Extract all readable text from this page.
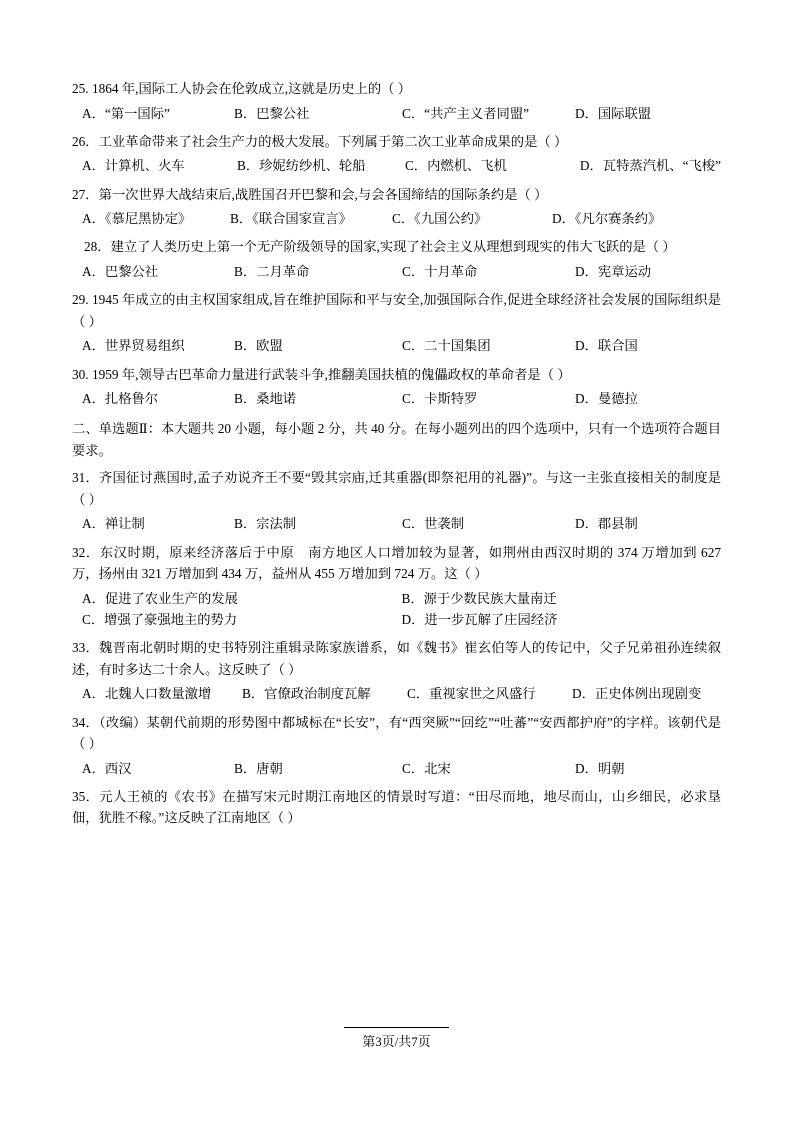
25. 1864 年,国际工人协会在伦敦成立,这就是历史上的（ ）
A．“第一国际”	B．巴黎公社	C．“共产主义者同盟”	D．国际联盟
26．工业革命带来了社会生产力的极大发展。下列属于第二次工业革命成果的是（ ）
A．计算机、火车	B．珍妮纺纱机、轮船	C．内燃机、飞机	D．瓦特蒸汽机、“飞梭”
27．第一次世界大战结束后,战胜国召开巴黎和会,与会各国缔结的国际条约是（ ）
A．《慕尼黑协定》	B．《联合国家宣言》	C．《九国公约》	D．《凡尔赛条约》
28．建立了人类历史上第一个无产阶级领导的国家,实现了社会主义从理想到现实的伟大飞跃的是（ ）
A．巴黎公社	B．二月革命	C．十月革命	D．宪章运动
29. 1945 年成立的由主权国家组成,旨在维护国际和平与安全,加强国际合作,促进全球经济社会发展的国际组织是（ ）
A．世界贸易组织	B．欧盟	C．二十国集团	D．联合国
30. 1959 年,领导古巴革命力量进行武装斗争,推翻美国扶植的傀儡政权的革命者是（ ）
A．扎格鲁尔	B．桑地诺	C．卡斯特罗	D．曼德拉
二、单选题Ⅱ：本大题共 20 小题，每小题 2 分，共 40 分。在每小题列出的四个选项中，只有一个选项符合题目要求。
31．齐国征讨燕国时,孟子劝说齐王不要“毁其宗庙,迁其重器(即祭祀用的礼器)”。与这一主张直接相关的制度是（ ）
A．禅让制	B．宗法制	C．世袭制	D．郡县制
32．东汉时期，原来经济落后于中原　南方地区人口增加较为显著，如荆州由西汉时期的 374 万增加到 627 万，扬州由 321 万增加到 434 万，益州从 455 万增加到 724 万。这（ ）
A．促进了农业生产的发展	B．源于少数民族大量南迁
C．增强了豪强地主的势力	D．进一步瓦解了庄园经济
33．魏晋南北朝时期的史书特别注重辑录陈家族谱系，如《魏书》崔玄伯等人的传记中，父子兄弟祖孙连续叙述，有时多达二十余人。这反映了（ ）
A．北魏人口数量激增	B．官僚政治制度瓦解	C．重视家世之风盛行	D．正史体例出现剧变
34．（改编）某朝代前期的形势图中都城标在“长安”，有“西突厥”“回纥”“吐蕃”“安西都护府”的字样。该朝代是（ ）
A．西汉	B．唐朝	C．北宋	D．明朝
35．元人王祯的《农书》在描写宋元时期江南地区的情景时写道：“田尽而地，地尽而山，山乡细民，必求垦佃，犹胜不稼。”这反映了江南地区（ ）
第3页/共7页
